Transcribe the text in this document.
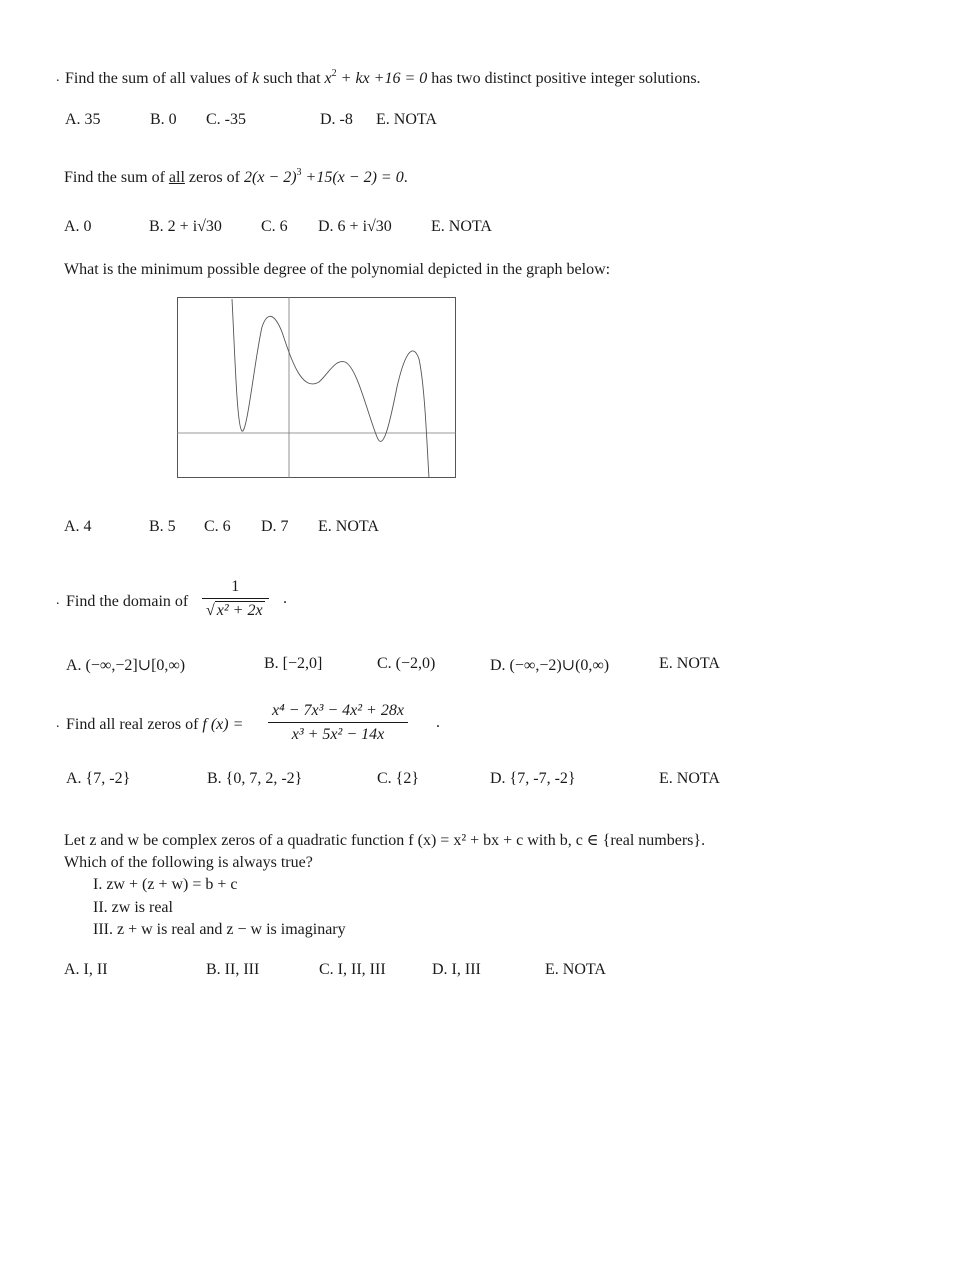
. Find the sum of all values of k such that $x^2$ + kx +16 = 0 has two distinct positive integer solutions.
A. 35	B. 0 C. -35	D. -8 E. NOTA
Find the sum of all zeros of $2(x - 2)^3 +15(x - 2) = 0$.
A. 0	B. 2 + i√30 C. 6 D. 6 + i√30 E. NOTA
What is the minimum possible degree of the polynomial depicted in the graph below:
A. 4	B. 5 C. 6 D. 7 E. NOTA
. Find the domain of $\frac{1}{\text{√ x² + 2x}}$ .
A. (−∞,−2]∪[0,∞)	B. [−2,0]	C. (−2,0)	D. (−∞,−2)∪(0,∞)	E. NOTA
. Find all real zeros of f $(x) = \frac{\text{x⁴ − 7x³ − 4x² + 28x}}{\text{x³ + 5x² − 14x}}$ .
A. {7, -2}	B. {0, 7, 2, -2}	C. {2}	D. {7, -7, -2}	E. NOTA
Let z and w be complex zeros of a quadratic function f (x) = x² + bx + c with b, c ∈ {real numbers}.
Which of the following is always true?
I. zw + (z + w) = b + c
II. zw is real
III. z + w is real and z − w is imaginary
A. I, II	B. II, III	C. I, II, III	D. I, III	E. NOTA
